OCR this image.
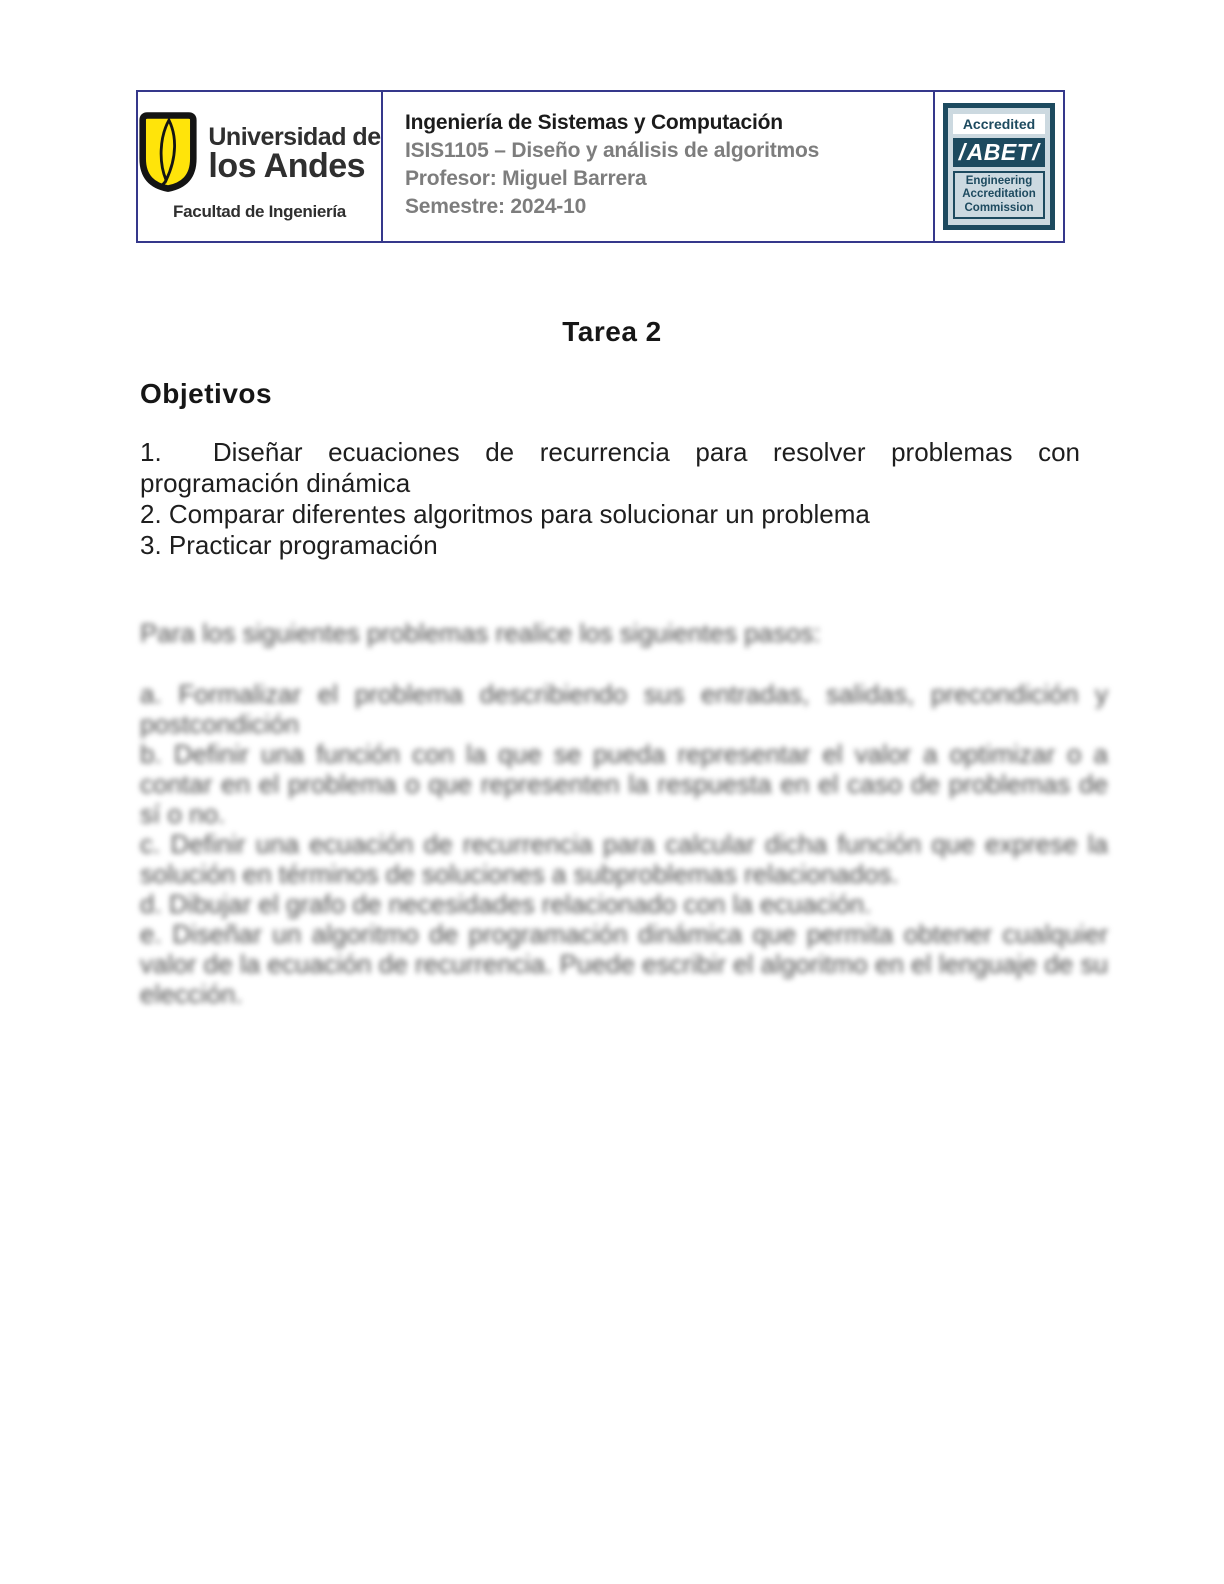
Universidad de
los Andes
Facultad de Ingeniería
Ingeniería de Sistemas y Computación
ISIS1105 – Diseño y análisis de algoritmos
Profesor: Miguel Barrera
Semestre: 2024-10
Accredited
/ ABET /
Engineering
Accreditation
Commission
Tarea 2
Objetivos

1.  Diseñar ecuaciones de recurrencia para resolver problemas con programación dinámica

2. Comparar diferentes algoritmos para solucionar un problema

3. Practicar programación

Para los siguientes problemas realice los siguientes pasos:

a. Formalizar el problema describiendo sus entradas, salidas, precondición y postcondición

b. Definir una función con la que se pueda representar el valor a optimizar o a contar en el problema o que representen la respuesta en el caso de problemas de sí o no.

c. Definir una ecuación de recurrencia para calcular dicha función que exprese la solución en términos de soluciones a subproblemas relacionados.

d. Dibujar el grafo de necesidades relacionado con la ecuación.

e. Diseñar un algoritmo de programación dinámica que permita obtener cualquier valor de la ecuación de recurrencia. Puede escribir el algoritmo en el lenguaje de su elección.
